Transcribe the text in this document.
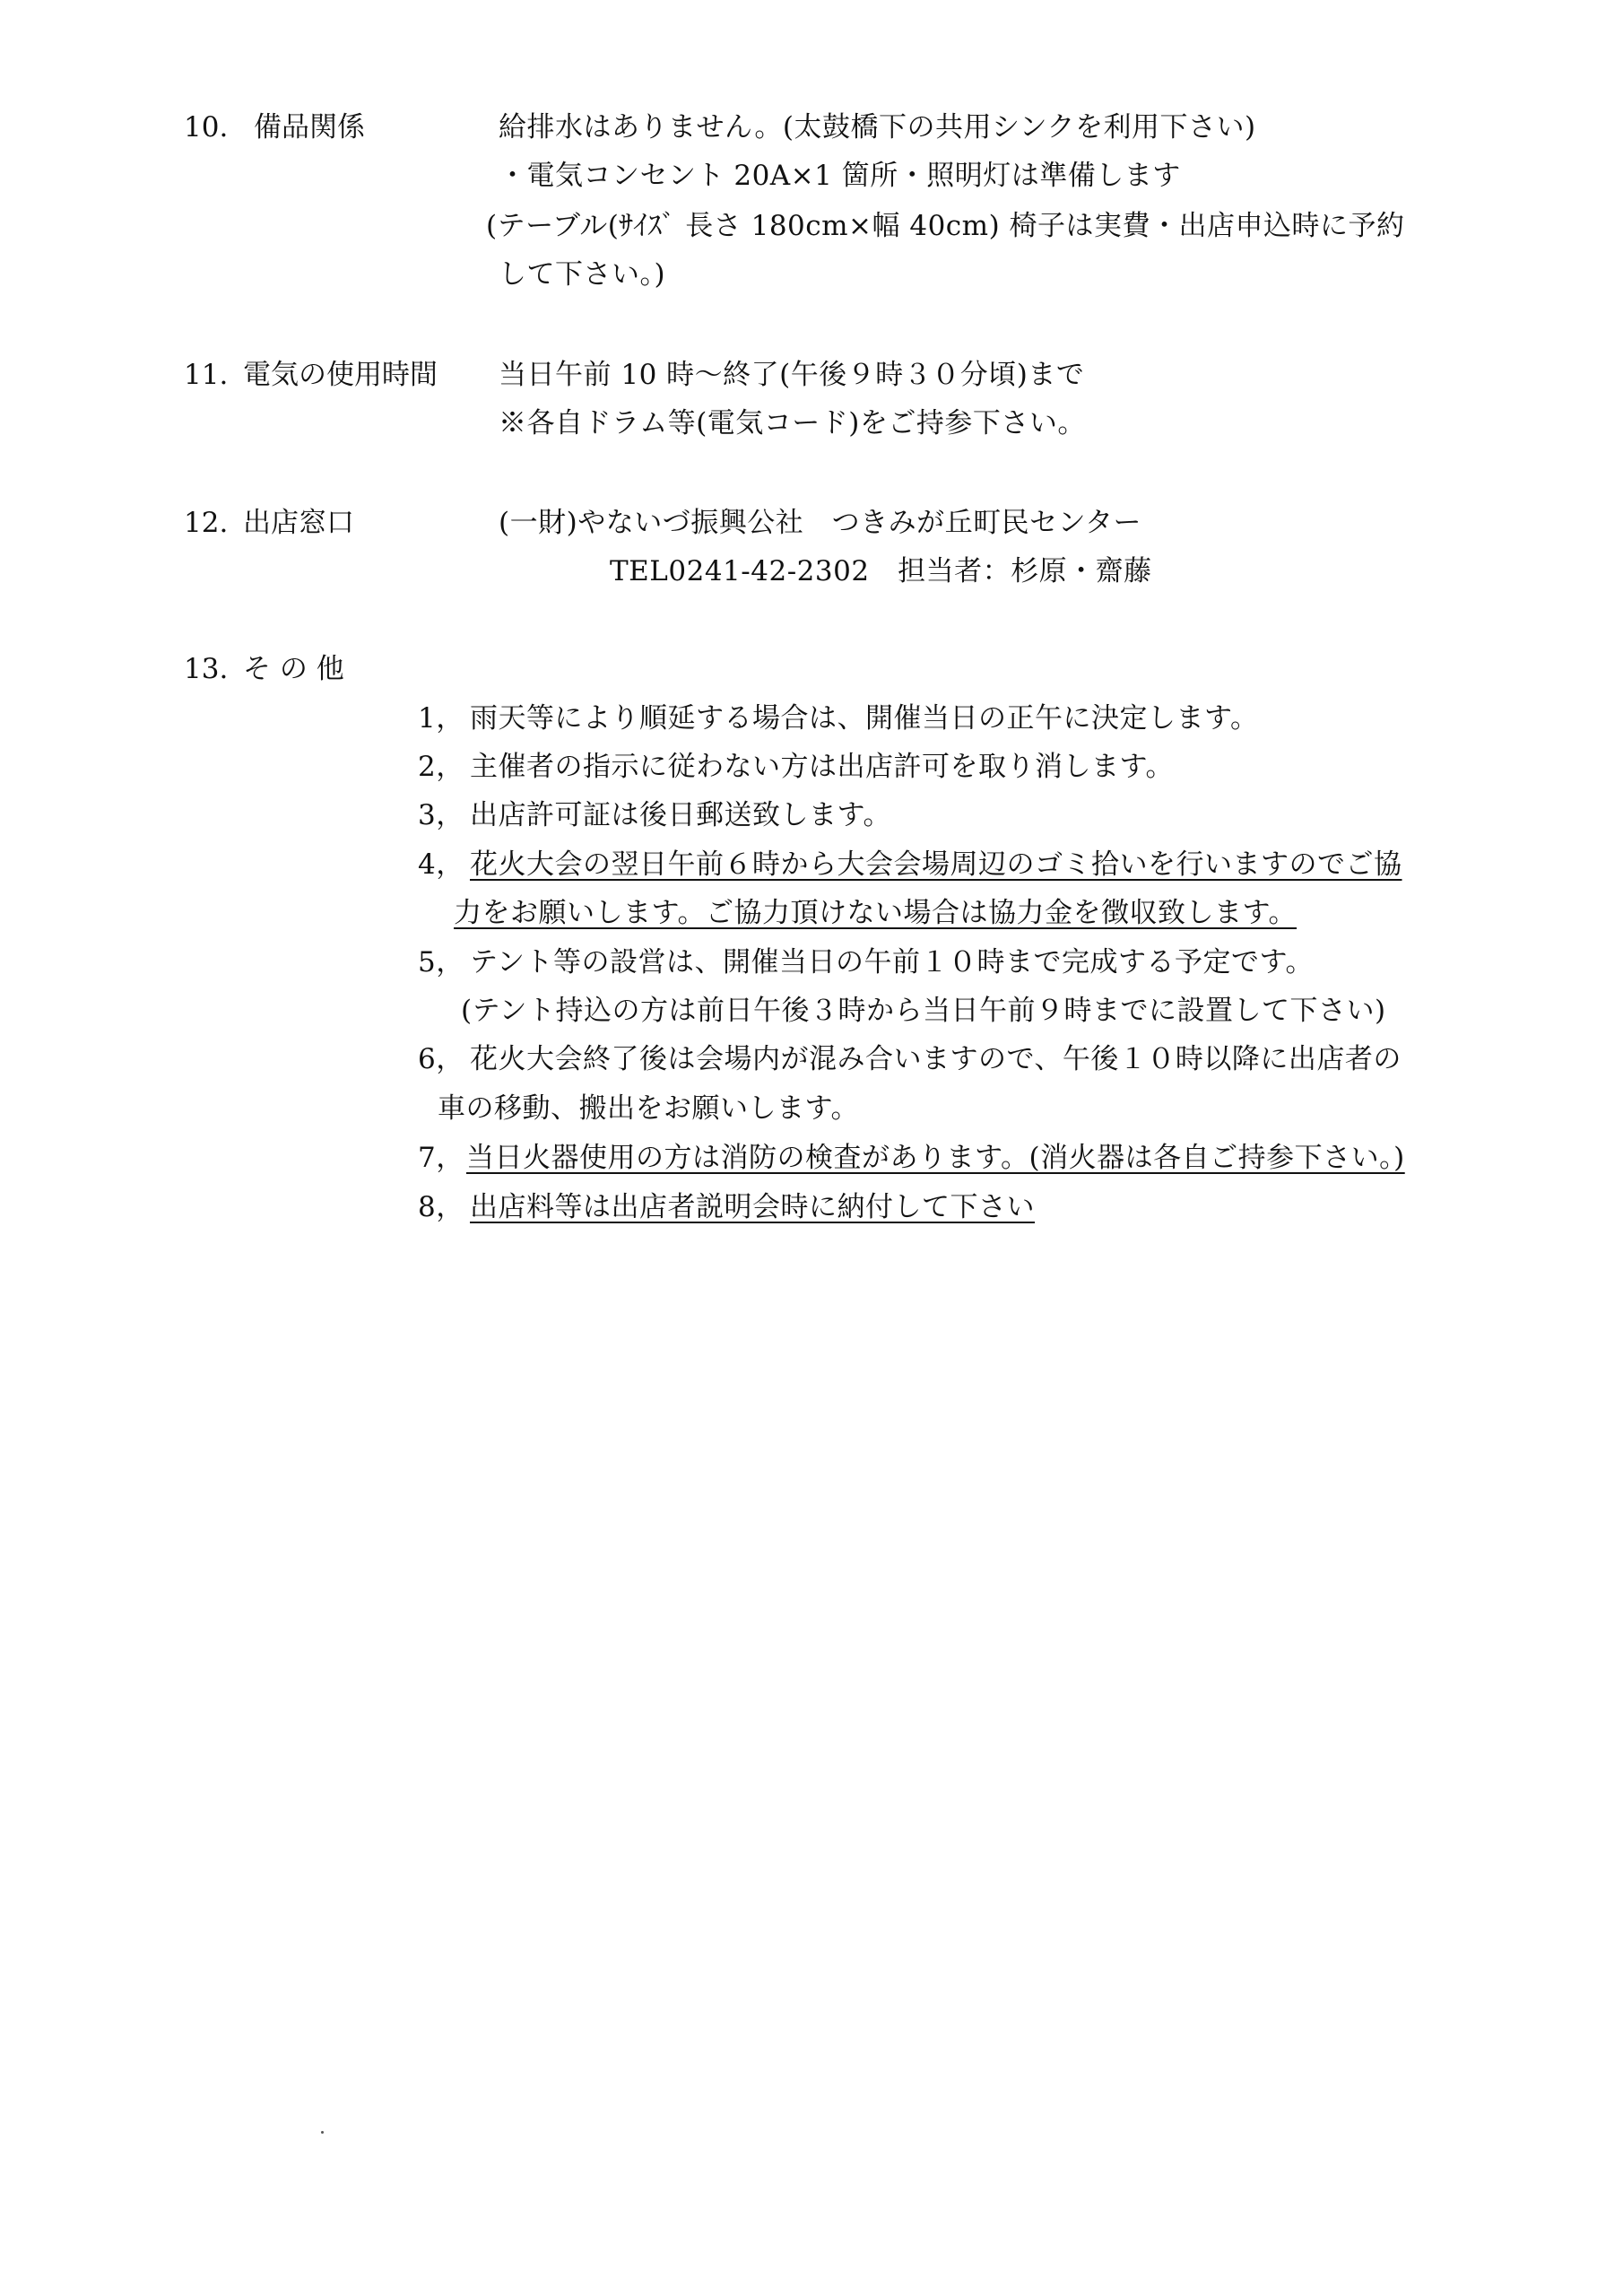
10. 備品関係	給排水はありません。(太鼓橋下の共用シンクを利用下さい)
・電気コンセント 20A×1 箇所・照明灯は準備します
(テーブル(ｻｲｽﾞ 長さ 180cm×幅 40cm) 椅子は実費・出店申込時に予約
して下さい。)
11. 電気の使用時間 当日午前 10 時～終了(午後９時３０分頃)まで
※各自ドラム等(電気コード)をご持参下さい。
12. 出店窓口	(一財)やないづ振興公社　つきみが丘町民センター
TEL0241-42-2302　担当者：杉原・齋藤
13. そ の 他
1， 雨天等により順延する場合は、開催当日の正午に決定します。
2， 主催者の指示に従わない方は出店許可を取り消します。
3， 出店許可証は後日郵送致します。
4， 花火大会の翌日午前６時から大会会場周辺のゴミ拾いを行いますのでご協
力をお願いします。ご協力頂けない場合は協力金を徴収致します。
5， テント等の設営は、開催当日の午前１０時まで完成する予定です。
(テント持込の方は前日午後３時から当日午前９時までに設置して下さい)
6， 花火大会終了後は会場内が混み合いますので、午後１０時以降に出店者の
車の移動、搬出をお願いします。
7， 当日火器使用の方は消防の検査があります。(消火器は各自ご持参下さい。)
8， 出店料等は出店者説明会時に納付して下さい
